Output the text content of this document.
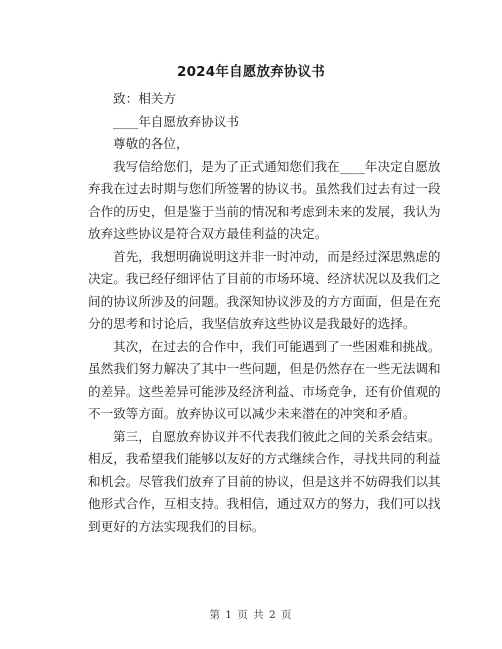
2024年自愿放弃协议书
致：相关方
____年自愿放弃协议书
尊敬的各位，
我写信给您们，是为了正式通知您们我在____年决定自愿放
弃我在过去时期与您们所签署的协议书。虽然我们过去有过一段
合作的历史，但是鉴于当前的情况和考虑到未来的发展，我认为
放弃这些协议是符合双方最佳利益的决定。
首先，我想明确说明这并非一时冲动，而是经过深思熟虑的
决定。我已经仔细评估了目前的市场环境、经济状况以及我们之
间的协议所涉及的问题。我深知协议涉及的方方面面，但是在充
分的思考和讨论后，我坚信放弃这些协议是我最好的选择。
其次，在过去的合作中，我们可能遇到了一些困难和挑战。
虽然我们努力解决了其中一些问题，但是仍然存在一些无法调和
的差异。这些差异可能涉及经济利益、市场竞争，还有价值观的
不一致等方面。放弃协议可以减少未来潜在的冲突和矛盾。
第三，自愿放弃协议并不代表我们彼此之间的关系会结束。
相反，我希望我们能够以友好的方式继续合作，寻找共同的利益
和机会。尽管我们放弃了目前的协议，但是这并不妨碍我们以其
他形式合作，互相支持。我相信，通过双方的努力，我们可以找
到更好的方法实现我们的目标。
第 1 页 共 2 页
